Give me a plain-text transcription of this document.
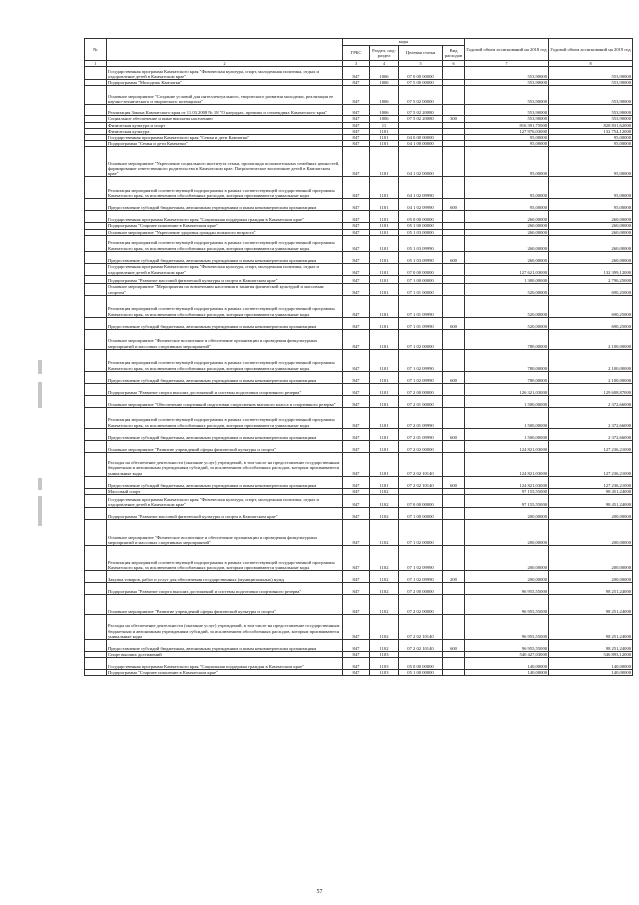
№		коды				Годовой объем ассигнований на 2018 год	Годовой объем ассигнований на 2019 год
		ГРБС	Раздел, под-раздел	Целевая статья	Вид расходов		
1	2	3	4	5	6	7	8
	Государственная программа Камчатского края "Физическая культура, спорт, молодежная политика, отдых и оздоровление детей в Камчатском крае"	847	1006	07 0 00 00000		553,90000	553,90000
	Подпрограмма "Молодежь Камчатки"	847	1006	07 5 00 00000		553,90000	553,90000
	Основное мероприятие "Создание условий для интеллектуального, творческого развития молодежи, реализация ее научно-технического и творческого потенциала"	847	1006	07 5 02 00000		553,90000	553,90000
	Реализация Закона Камчатского края от 11.03.2008 № 18 "О наградах, премиях и стипендиях Камчатского края"	847	1006	07 5 02 20080		553,90000	553,90000
	Социальное обеспечение и иные выплаты населению	847	1006	07 5 02 20080	300	553,90000	553,90000
	Физическая культура и спорт	847	11			816 391,75000	828 831,62000
	Физическая культура	847	1101			127 976,03000	132 754,12000
	Государственная программа Камчатского края "Семья и дети Камчатки"	847	1101	04 0 00 00000		95,00000	95,00000
	Подпрограмма "Семья и дети Камчатки"	847	1101	04 1 00 00000		95,00000	95,00000
	Основное мероприятие "Укрепление социального института семьи, пропаганда положительных семейных ценностей, формирование ответственного родительства в Камчатском крае. Патриотическое воспитание детей в Камчатском крае"	847	1101	04 1 02 00000		95,00000	95,00000
	Реализация мероприятий соответствующей подпрограммы в рамках соответствующей государственной программы Камчатского края, за исключением обособленных расходов, которым присваиваются уникальные коды	847	1101	04 1 02 09990		95,00000	95,00000
	Предоставление субсидий бюджетным, автономным учреждениям и иным некоммерческим организациям	847	1101	04 1 02 09990	600	95,00000	95,00000
	Государственная программа Камчатского края "Социальная поддержка граждан в Камчатском крае"	847	1101	05 0 00 00000		260,00000	260,00000
	Подпрограмма "Старшее поколение в Камчатском крае"	847	1101	05 1 00 00000		260,00000	260,00000
	Основное мероприятие "Укрепление здоровья граждан пожилого возраста"	847	1101	05 1 03 00000		260,00000	260,00000
	Реализация мероприятий соответствующей подпрограммы в рамках соответствующей государственной программы Камчатского края, за исключением обособленных расходов, которым присваиваются уникальные коды	847	1101	05 1 03 09990		260,00000	260,00000
	Предоставление субсидий бюджетным, автономным учреждениям и иным некоммерческим организациям	847	1101	05 1 03 09990	600	260,00000	260,00000
	Государственная программа Камчатского края "Физическая культура, спорт, молодежная политика, отдых и оздоровление детей в Камчатском крае"	847	1101	07 0 00 00000		127 621,03000	132 399,12000
	Подпрограмма "Развитие массовой физической культуры и спорта в Камчатском крае"	847	1101	07 1 00 00000		1 300,00000	2 790,25000
	Основное мероприятие "Мероприятия по вовлечению населения в занятия физической культурой и массовым спортом"	847	1101	07 1 01 00000		520,00000	690,25000
	Реализация мероприятий соответствующей подпрограммы в рамках соответствующей государственной программы Камчатского края, за исключением обособленных расходов, которым присваиваются уникальные коды	847	1101	07 1 01 09990		520,00000	690,25000
	Предоставление субсидий бюджетным, автономным учреждениям и иным некоммерческим организациям	847	1101	07 1 01 09990	600	520,00000	690,25000
	Основное мероприятие "Физическое воспитание и обеспечение организации и проведения физкультурных мероприятий и массовых спортивных мероприятий"	847	1101	07 1 02 00000		780,00000	2 100,00000
	Реализация мероприятий соответствующей подпрограммы в рамках соответствующей государственной программы Камчатского края, за исключением обособленных расходов, которым присваиваются уникальные коды	847	1101	07 1 02 09990		780,00000	2 100,00000
	Предоставление субсидий бюджетным, автономным учреждениям и иным некоммерческим организациям	847	1101	07 1 02 09990	600	780,00000	2 100,00000
	Подпрограмма "Развитие спорта высших достижений и системы подготовки спортивного резерва"	847	1101	07 2 00 00000		126 321,03000	129 608,87000
	Основное мероприятие "Обеспечение спортивной подготовки спортсменов высокого класса и спортивного резерва"	847	1101	07 2 01 00000		1 500,00000	2 372,66000
	Реализация мероприятий соответствующей подпрограммы в рамках соответствующей государственной программы Камчатского края, за исключением обособленных расходов, которым присваиваются уникальные коды	847	1101	07 2 01 09990		1 500,00000	2 372,66000
	Предоставление субсидий бюджетным, автономным учреждениям и иным некоммерческим организациям	847	1101	07 2 01 09990	600	1 500,00000	2 372,66000
	Основное мероприятие "Развитие учреждений сферы физической культуры и спорта"	847	1101	07 2 02 00000		124 821,03000	127 236,21000
	Расходы на обеспечение деятельности (оказание услуг) учреждений, в том числе на предоставление государственным бюджетным и автономным учреждениям субсидий, за исключением обособленных расходов, которым присваиваются уникальные коды	847	1101	07 2 02 10140		124 821,03000	127 236,21000
	Предоставление субсидий бюджетным, автономным учреждениям и иным некоммерческим организациям	847	1101	07 2 02 10140	600	124 821,03000	127 236,21000
	Массовый спорт	847	1102			97 155,55000	98 451,24000
	Государственная программа Камчатского края "Физическая культура, спорт, молодежная политика, отдых и оздоровление детей в Камчатском крае"	847	1102	07 0 00 00000		97 155,55000	98 451,24000
	Подпрограмма "Развитие массовой физической культуры и спорта в Камчатском крае"	847	1102	07 1 00 00000		200,00000	200,00000
	Основное мероприятие "Физическое воспитание и обеспечение организации и проведения физкультурных мероприятий и массовых спортивных мероприятий"	847	1102	07 1 02 00000		200,00000	200,00000
	Реализация мероприятий соответствующей подпрограммы в рамках соответствующей государственной программы Камчатского края, за исключением обособленных расходов, которым присваиваются уникальные коды	847	1102	07 1 02 09990		200,00000	200,00000
	Закупка товаров, работ и услуг для обеспечения государственных (муниципальных) нужд	847	1102	07 1 02 09990	200	200,00000	200,00000
	Подпрограмма "Развитие спорта высших достижений и системы подготовки спортивного резерва"	847	1102	07 2 00 00000		96 955,55000	98 251,24000
	Основное мероприятие "Развитие учреждений сферы физической культуры и спорта"	847	1102	07 2 02 00000		96 955,55000	98 251,24000
	Расходы на обеспечение деятельности (оказание услуг) учреждений, в том числе на предоставление государственным бюджетным и автономным учреждениям субсидий, за исключением обособленных расходов, которым присваиваются уникальные коды	847	1102	07 2 02 10140		96 955,55000	98 251,24000
	Предоставление субсидий бюджетным, автономным учреждениям и иным некоммерческим организациям	847	1102	07 2 02 10140	600	96 955,55000	98 251,24000
	Спорт высших достижений	847	1103			540 427,03000	546 893,12000
	Государственная программа Камчатского края "Социальная поддержка граждан в Камчатском крае"	847	1103	05 0 00 00000		140,00000	140,00000
	Подпрограмма "Старшее поколение в Камчатском крае"	847	1103	05 1 00 00000		140,00000	140,00000
57
